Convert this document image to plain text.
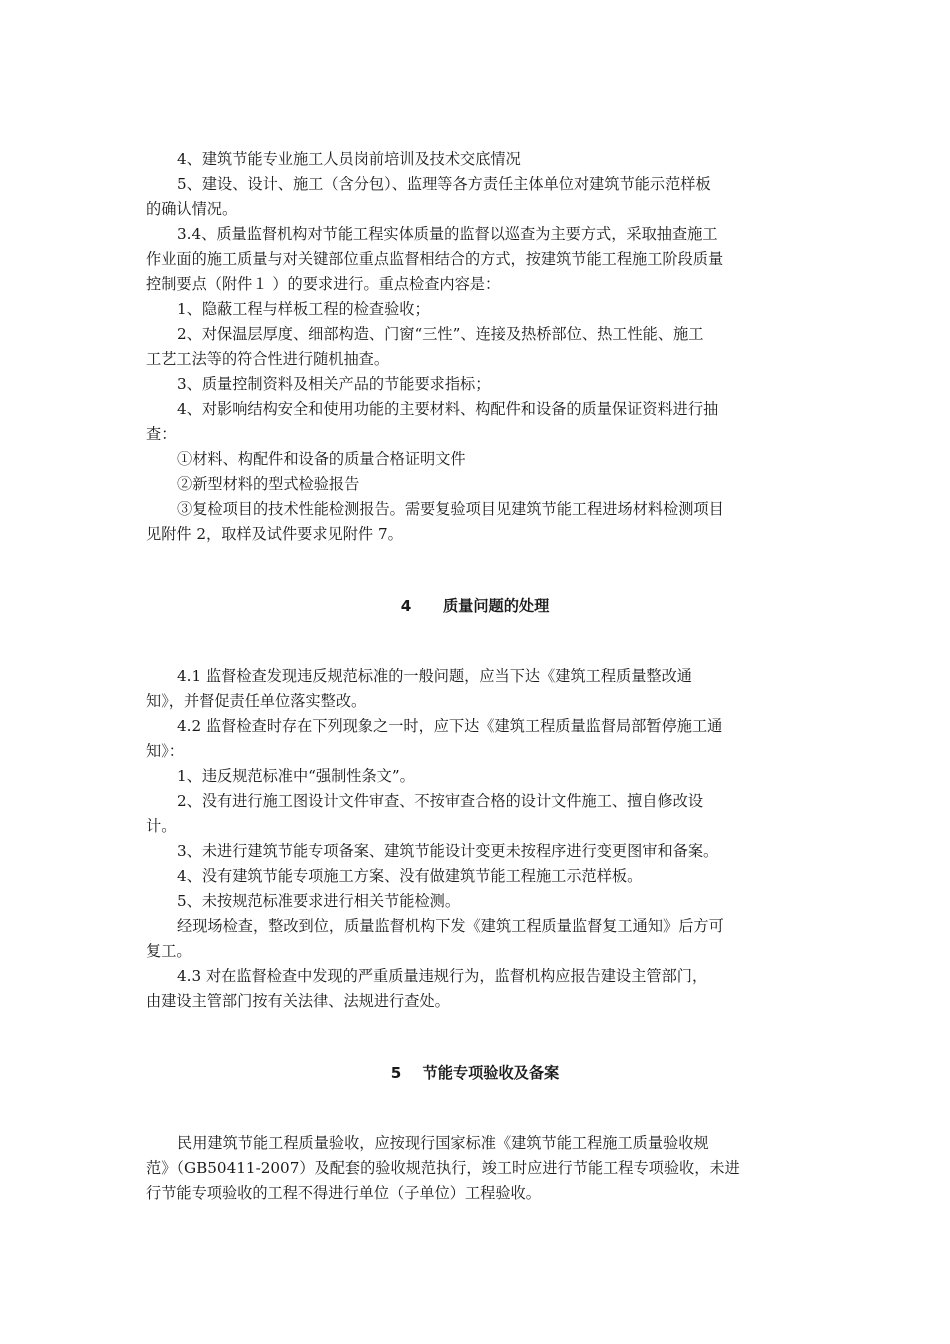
4、建筑节能专业施工人员岗前培训及技术交底情况
5、建设、设计、施工（含分包）、监理等各方责任主体单位对建筑节能示范样板
的确认情况。
3.4、质量监督机构对节能工程实体质量的监督以巡查为主要方式，采取抽查施工
作业面的施工质量与对关键部位重点监督相结合的方式，按建筑节能工程施工阶段质量
控制要点（附件１ ）的要求进行。重点检查内容是：
1、隐蔽工程与样板工程的检查验收；
2、对保温层厚度、细部构造、门窗“三性”、连接及热桥部位、热工性能、施工
工艺工法等的符合性进行随机抽查。
3、质量控制资料及相关产品的节能要求指标；
4、对影响结构安全和使用功能的主要材料、构配件和设备的质量保证资料进行抽
查：
①材料、构配件和设备的质量合格证明文件
②新型材料的型式检验报告
③复检项目的技术性能检测报告。需要复验项目见建筑节能工程进场材料检测项目
见附件 2，取样及试件要求见附件 7。
4      质量问题的处理
4.1 监督检查发现违反规范标准的一般问题，应当下达《建筑工程质量整改通
知》，并督促责任单位落实整改。
4.2 监督检查时存在下列现象之一时，应下达《建筑工程质量监督局部暂停施工通
知》：
1、违反规范标准中“强制性条文”。
2、没有进行施工图设计文件审查、不按审查合格的设计文件施工、擅自修改设
计。
3、未进行建筑节能专项备案、建筑节能设计变更未按程序进行变更图审和备案。
4、没有建筑节能专项施工方案、没有做建筑节能工程施工示范样板。
5、未按规范标准要求进行相关节能检测。
经现场检查，整改到位，质量监督机构下发《建筑工程质量监督复工通知》后方可
复工。
4.3 对在监督检查中发现的严重质量违规行为，监督机构应报告建设主管部门，
由建设主管部门按有关法律、法规进行查处。
5    节能专项验收及备案
民用建筑节能工程质量验收，应按现行国家标准《建筑节能工程施工质量验收规
范》（GB50411-2007）及配套的验收规范执行，竣工时应进行节能工程专项验收，未进
行节能专项验收的工程不得进行单位（子单位）工程验收。
